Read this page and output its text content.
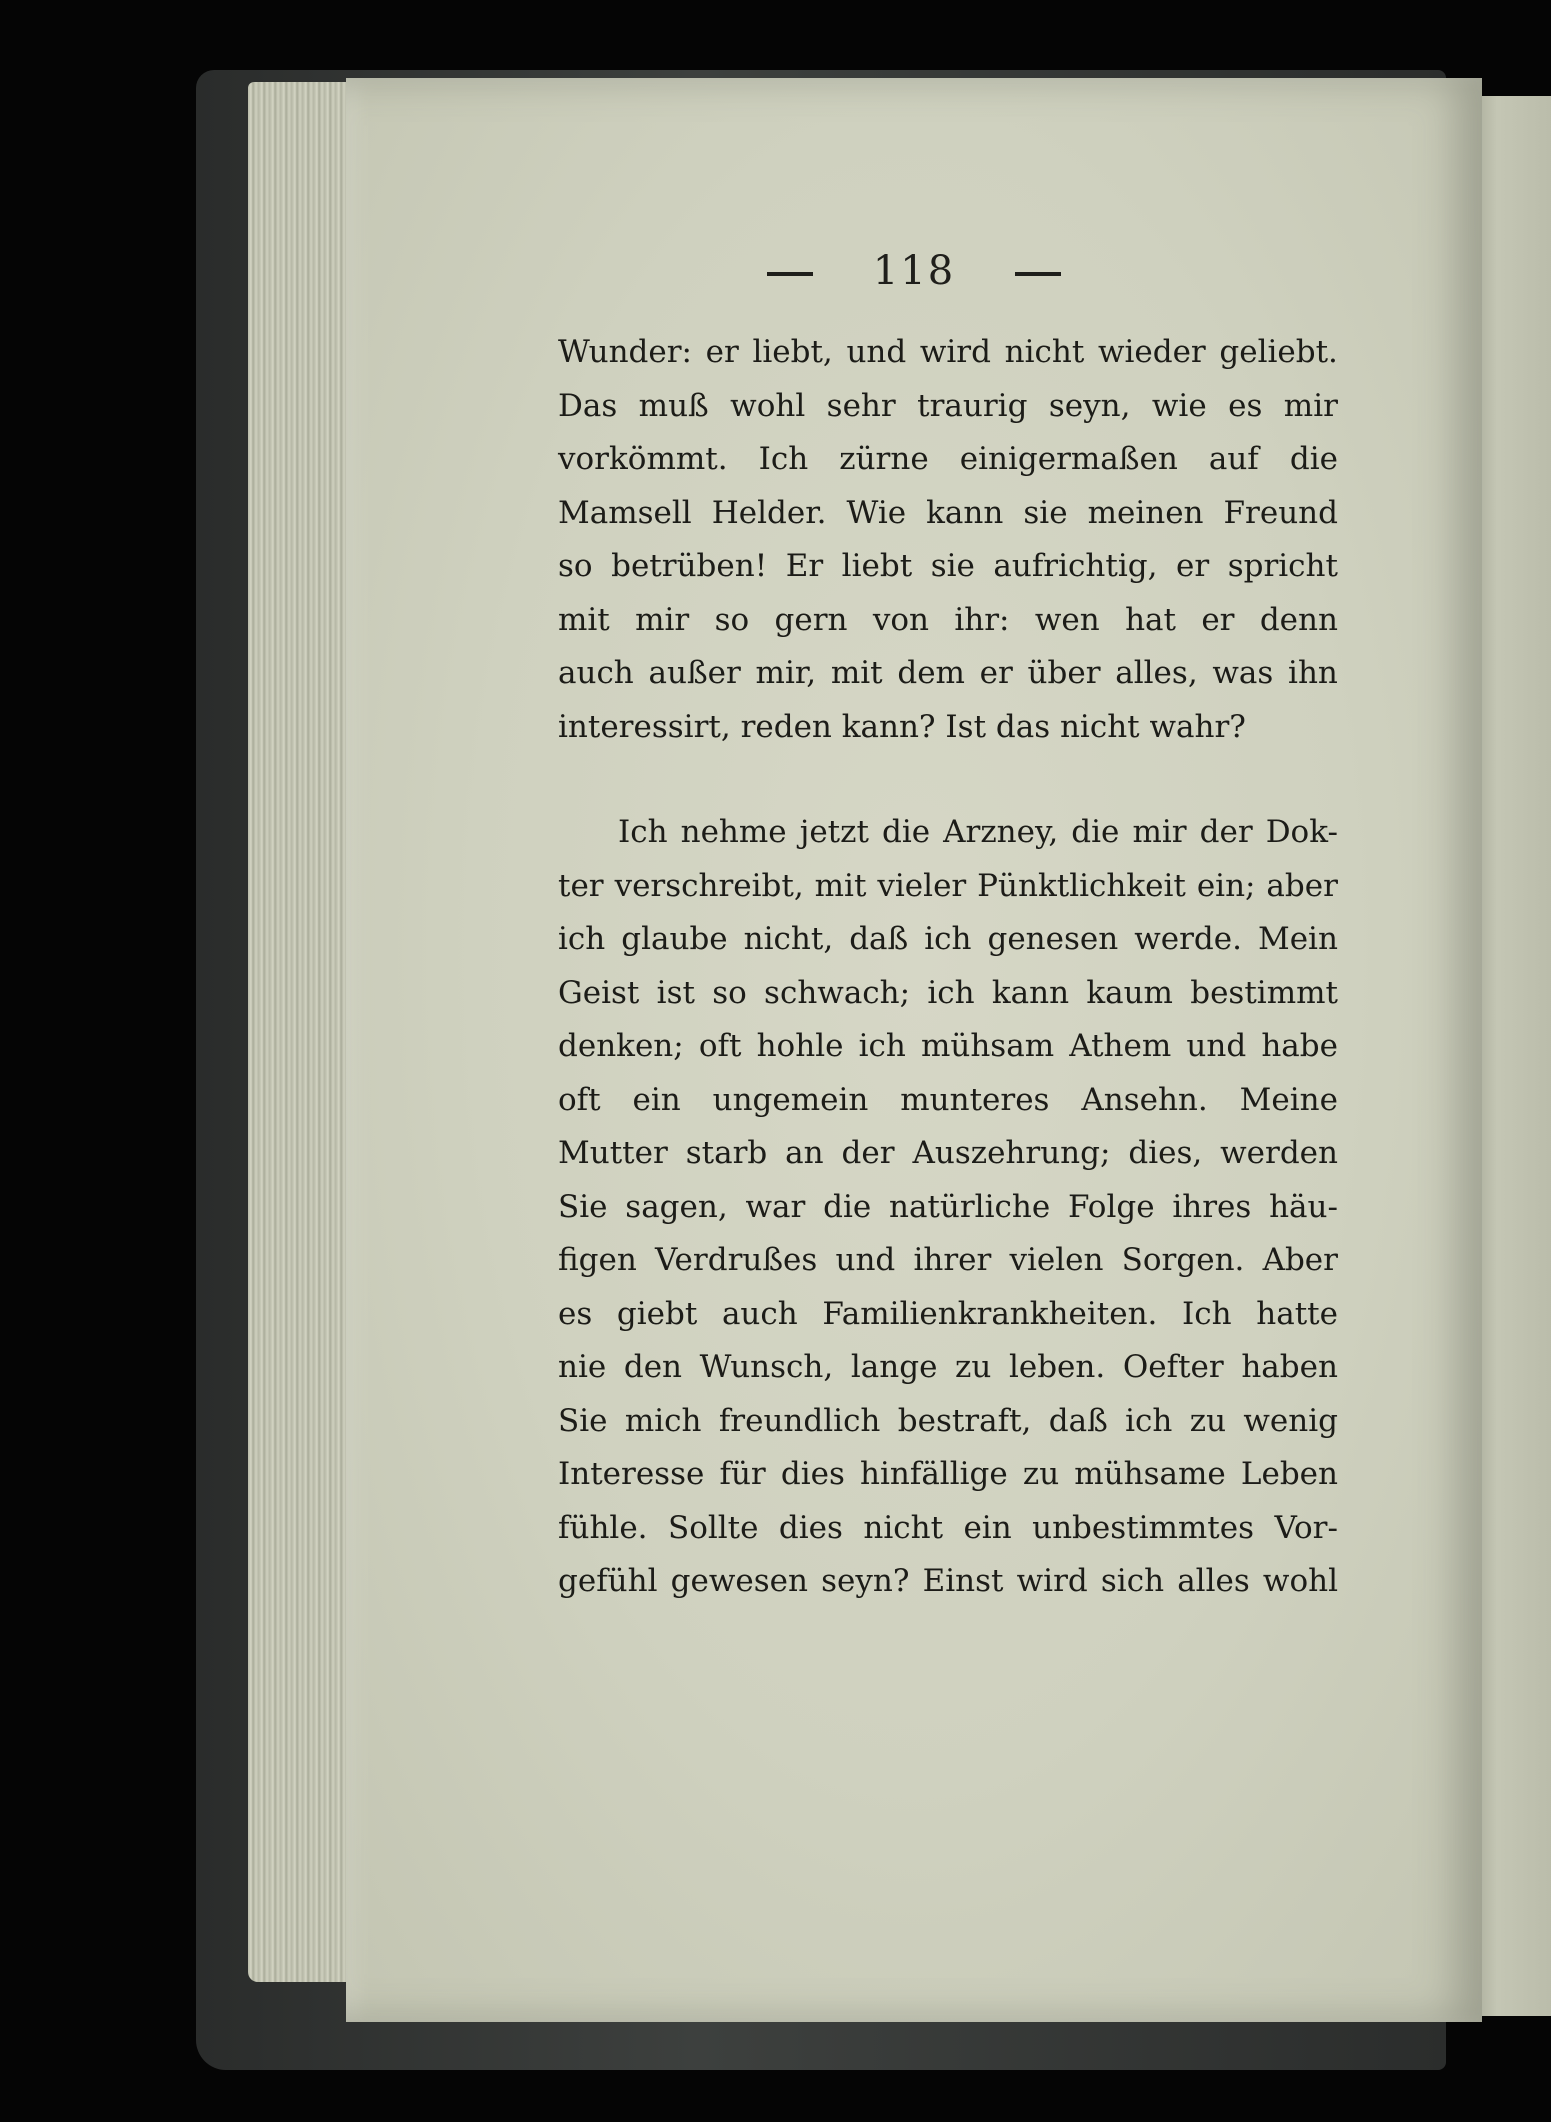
118
Wunder: er liebt, und wird nicht wieder geliebt.
Das muß wohl sehr traurig seyn, wie es mir
vorkömmt. Ich zürne einigermaßen auf die
Mamsell Helder. Wie kann sie meinen Freund
so betrüben! Er liebt sie aufrichtig, er spricht
mit mir so gern von ihr: wen hat er denn
auch außer mir, mit dem er über alles, was ihn
interessirt, reden kann? Ist das nicht wahr?
Ich nehme jetzt die Arzney, die mir der Dok-
ter verschreibt, mit vieler Pünktlichkeit ein; aber
ich glaube nicht, daß ich genesen werde. Mein
Geist ist so schwach; ich kann kaum bestimmt
denken; oft hohle ich mühsam Athem und habe
oft ein ungemein munteres Ansehn. Meine
Mutter starb an der Auszehrung; dies, werden
Sie sagen, war die natürliche Folge ihres häu-
figen Verdrußes und ihrer vielen Sorgen. Aber
es giebt auch Familienkrankheiten. Ich hatte
nie den Wunsch, lange zu leben. Oefter haben
Sie mich freundlich bestraft, daß ich zu wenig
Interesse für dies hinfällige zu mühsame Leben
fühle. Sollte dies nicht ein unbestimmtes Vor-
gefühl gewesen seyn? Einst wird sich alles wohl
